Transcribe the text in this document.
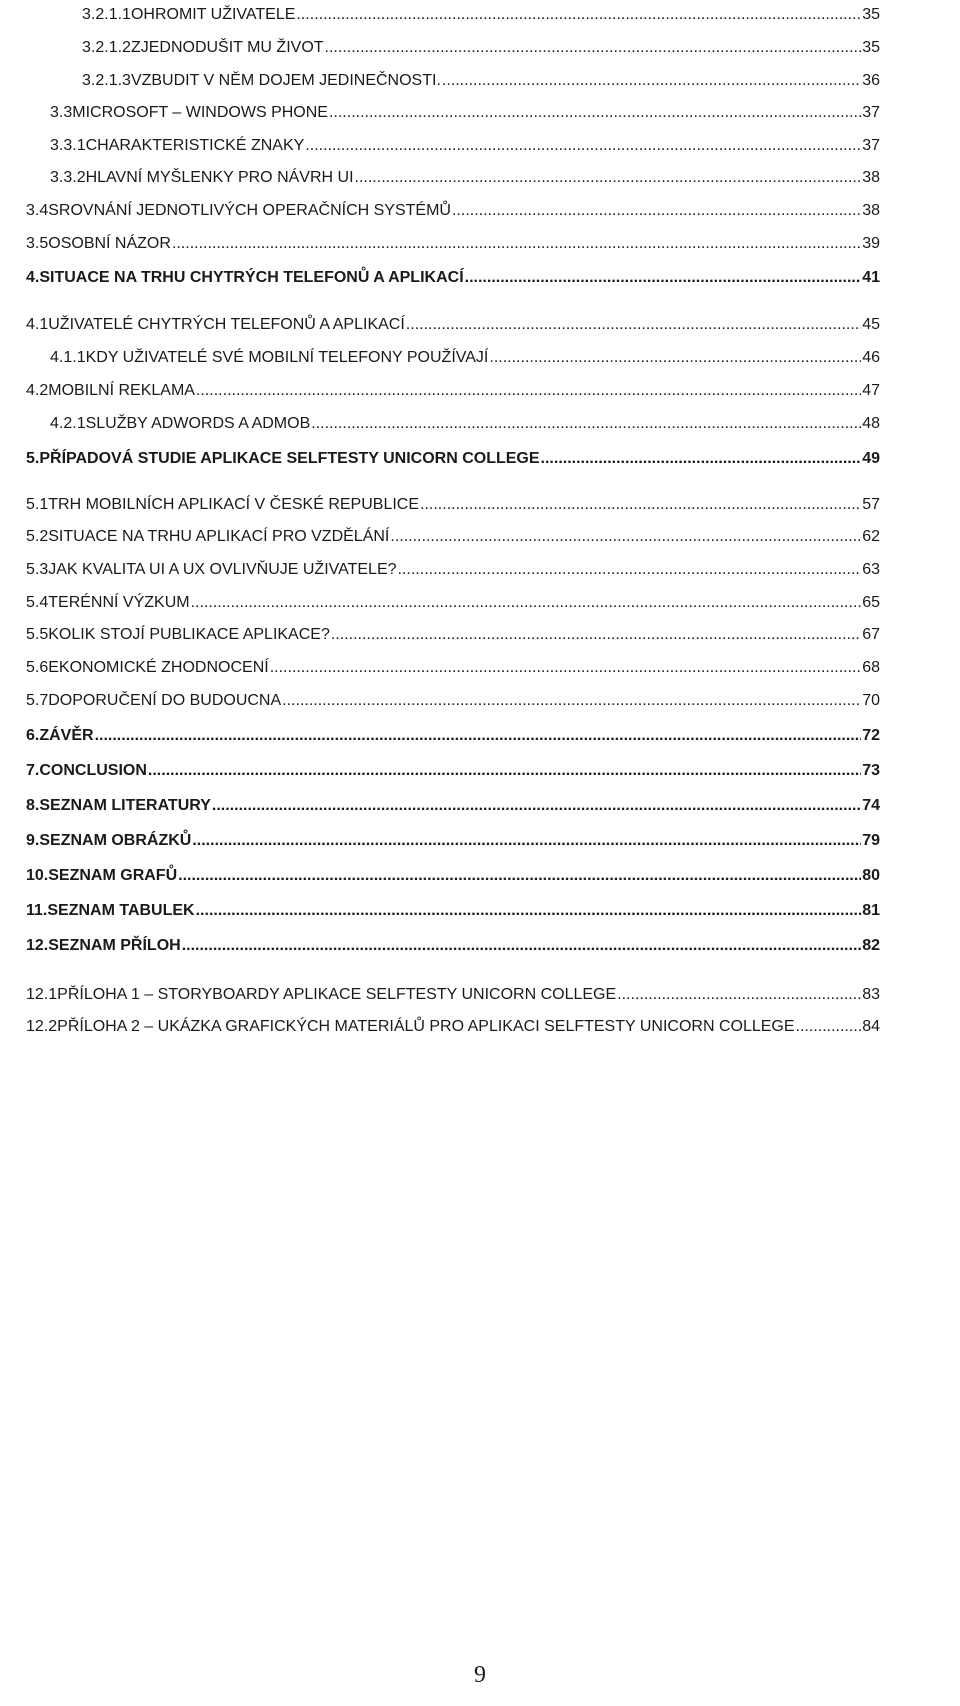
3.2.1.1 OHROMIT UŽIVATELE .....	35
3.2.1.2 ZJEDNODUŠIT MU ŽIVOT .....	35
3.2.1.3 VZBUDIT V NĚM DOJEM JEDINEČNOSTI. .....	36
3.3 MICROSOFT – WINDOWS PHONE .....	37
3.3.1 CHARAKTERISTICKÉ ZNAKY .....	37
3.3.2 HLAVNÍ MYŠLENKY PRO NÁVRH UI .....	38
3.4 SROVNÁNÍ JEDNOTLIVÝCH OPERAČNÍCH SYSTÉMŮ .....	38
3.5 OSOBNÍ NÁZOR .....	39
4. SITUACE NA TRHU CHYTRÝCH TELEFONŮ A APLIKACÍ .....	41
4.1 UŽIVATELÉ CHYTRÝCH TELEFONŮ A APLIKACÍ .....	45
4.1.1 KDY UŽIVATELÉ SVÉ MOBILNÍ TELEFONY POUŽÍVAJÍ .....	46
4.2 MOBILNÍ REKLAMA .....	47
4.2.1 SLUŽBY ADWORDS A ADMOB .....	48
5. PŘÍPADOVÁ STUDIE APLIKACE SELFTESTY UNICORN COLLEGE .....	49
5.1 TRH MOBILNÍCH APLIKACÍ V ČESKÉ REPUBLICE .....	57
5.2 SITUACE NA TRHU APLIKACÍ PRO VZDĚLÁNÍ .....	62
5.3 JAK KVALITA UI A UX OVLIVŇUJE UŽIVATELE? .....	63
5.4 TERÉNNÍ VÝZKUM .....	65
5.5 KOLIK STOJÍ PUBLIKACE APLIKACE? .....	67
5.6 EKONOMICKÉ ZHODNOCENÍ .....	68
5.7 DOPORUČENÍ DO BUDOUCNA .....	70
6. ZÁVĚR .....	72
7. CONCLUSION .....	73
8. SEZNAM LITERATURY .....	74
9. SEZNAM OBRÁZKŮ .....	79
10. SEZNAM GRAFŮ .....	80
11. SEZNAM TABULEK .....	81
12. SEZNAM PŘÍLOH .....	82
12.1 PŘÍLOHA 1 – STORYBOARDY APLIKACE SELFTESTY UNICORN COLLEGE .....	83
12.2 PŘÍLOHA 2 – UKÁZKA GRAFICKÝCH MATERIÁLŮ PRO APLIKACI SELFTESTY UNICORN COLLEGE .....	84
9
